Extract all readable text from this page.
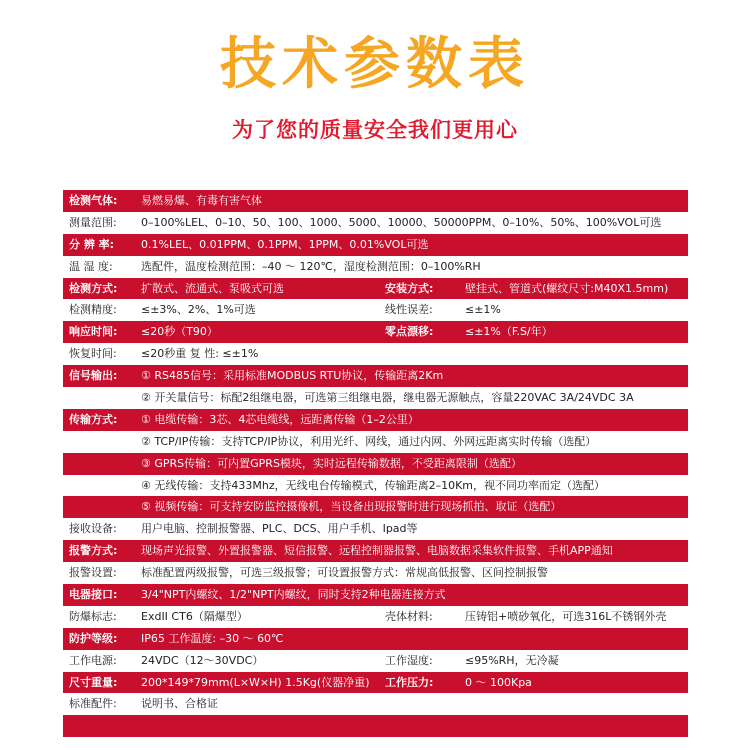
技术参数表
为了您的质量安全我们更用心
检测气体: 易燃易爆、有毒有害气体
测量范围: 0–100%LEL、0–10、50、100、1000、5000、10000、50000PPM、0–10%、50%、100%VOL可选
分 辨 率: 0.1%LEL、0.01PPM、0.1PPM、1PPM、0.01%VOL可选
温 湿 度:	选配件，温度检测范围：–40 ～ 120℃，湿度检测范围：0–100%RH
检测方式: 扩散式、流通式、泵吸式可选	安装方式:	壁挂式、管道式(螺纹尺寸:M40X1.5mm)
检测精度: ≤±3%、2%、1%可选	线性误差:	≤±1%
响应时间: ≤20秒（T90）	零点漂移:	≤±1%（F.S/年）
恢复时间: ≤20秒重 复 性: ≤±1%
信号输出: ① RS485信号：采用标准MODBUS RTU协议，传输距离2Km
② 开关量信号：标配2组继电器，可选第三组继电器，继电器无源触点，容量220VAC 3A/24VDC 3A
传输方式: ① 电缆传输：3芯、4芯电缆线，远距离传输（1–2公里）
② TCP/IP传输：支持TCP/IP协议，利用光纤、网线，通过内网、外网远距离实时传输（选配）
③ GPRS传输：可内置GPRS模块，实时远程传输数据，不受距离限制（选配）
④ 无线传输：支持433Mhz，无线电台传输模式，传输距离2–10Km，视不同功率而定（选配）
⑤ 视频传输：可支持安防监控摄像机，当设备出现报警时进行现场抓拍、取证（选配）
接收设备: 用户电脑、控制报警器、PLC、DCS、用户手机、Ipad等
报警方式: 现场声光报警、外置报警器、短信报警、远程控制器报警、电脑数据采集软件报警、手机APP通知
报警设置: 标准配置两级报警，可选三级报警；可设置报警方式：常规高低报警、区间控制报警
电器接口: 3/4"NPT内螺纹、1/2"NPT内螺纹，同时支持2种电器连接方式
防爆标志: ExdII CT6（隔爆型）	壳体材料:	压铸铝+喷砂氧化，可选316L不锈钢外壳
防护等级: IP65 工作温度: –30 ～ 60℃
工作电源: 24VDC（12～30VDC）	工作湿度:	≤95%RH，无冷凝
尺寸重量: 200*149*79mm(L×W×H) 1.5Kg(仪器净重) 工作压力:	0 ～ 100Kpa
标准配件: 说明书、合格证
